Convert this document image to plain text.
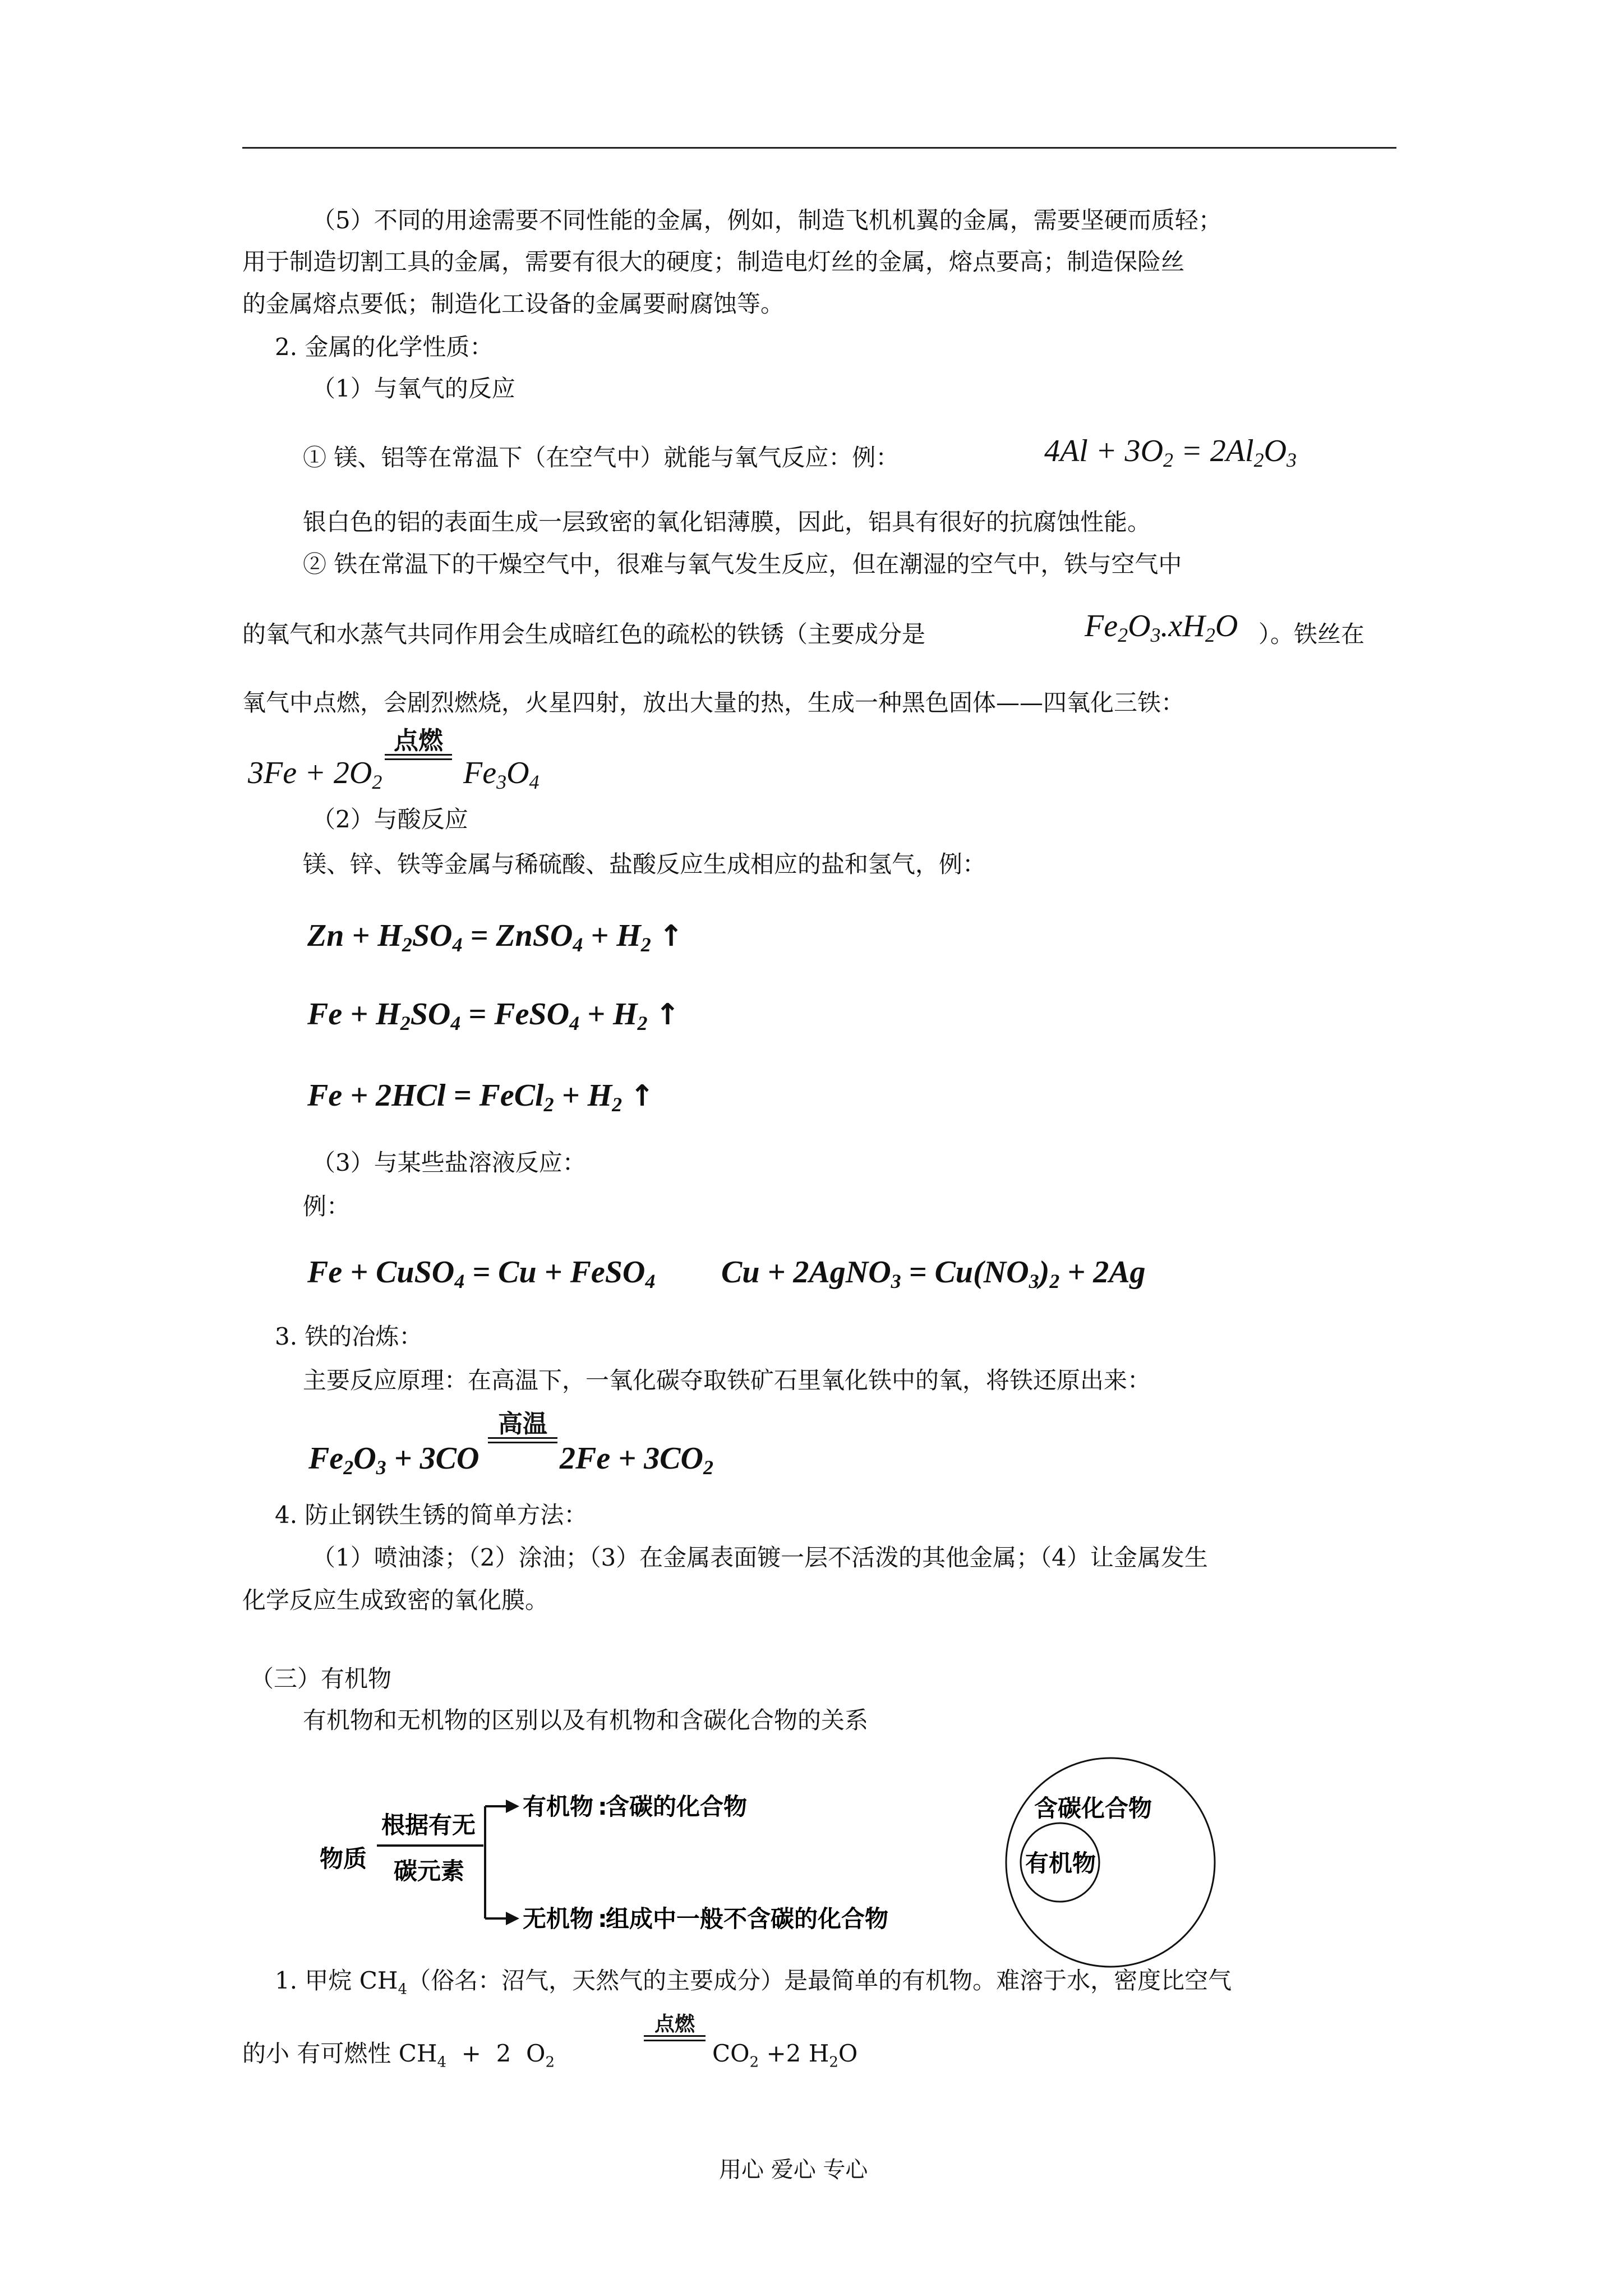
（5）不同的用途需要不同性能的金属，例如，制造飞机机翼的金属，需要坚硬而质轻；
用于制造切割工具的金属，需要有很大的硬度；制造电灯丝的金属，熔点要高；制造保险丝
的金属熔点要低；制造化工设备的金属要耐腐蚀等。
2. 金属的化学性质：
（1）与氧气的反应
① 镁、铝等在常温下（在空气中）就能与氧气反应：例：	$4Al + 3O_2 = 2Al_2O_3$
银白色的铝的表面生成一层致密的氧化铝薄膜，因此，铝具有很好的抗腐蚀性能。
② 铁在常温下的干燥空气中，很难与氧气发生反应，但在潮湿的空气中，铁与空气中
的氧气和水蒸气共同作用会生成暗红色的疏松的铁锈（主要成分是	$Fe_2O_3.xH_2O$ ）。铁丝在
氧气中点燃，会剧烈燃烧，火星四射，放出大量的热，生成一种黑色固体——四氧化三铁：
$3Fe + 2O_2$
点燃
$Fe_3O_4$
（2）与酸反应
镁、锌、铁等金属与稀硫酸、盐酸反应生成相应的盐和氢气，例：
$Zn + H_2SO_4$ = ZnSO$_4$ + $H_2$ ↑
$Fe + H_2SO_4$ = FeSO$_4$ + $H_2$ ↑
Fe + 2HCl = FeCl$_2$ + $H_2$ ↑
（3）与某些盐溶液反应：
例：
Fe + CuSO$_4$ = Cu + FeSO$_4$ Cu + 2AgNO$_3$ = $Cu(NO_3)_2 + 2Ag$
3. 铁的冶炼：
主要反应原理：在高温下，一氧化碳夺取铁矿石里氧化铁中的氧，将铁还原出来：
$Fe_2O_3 + 3CO$
高温
$2Fe + 3CO_2$
4. 防止钢铁生锈的简单方法：
（1）喷油漆；（2）涂油；（3）在金属表面镀一层不活泼的其他金属；（4）让金属发生
化学反应生成致密的氧化膜。
（三）有机物
有机物和无机物的区别以及有机物和含碳化合物的关系
物质
根据有无
碳元素
有机物 :
含碳的化合物
无机物 :
组成中一般不含碳的化合物
含碳化合物
有机物
1. 甲烷 $CH_4$（俗名：沼气，天然气的主要成分）是最简单的有机物。难溶于水，密度比空气
的小 有可燃性 $CH_4 + 2$  $O_2$
点燃
$CO_2 +2$ $H_2O$
用心 爱心 专心
